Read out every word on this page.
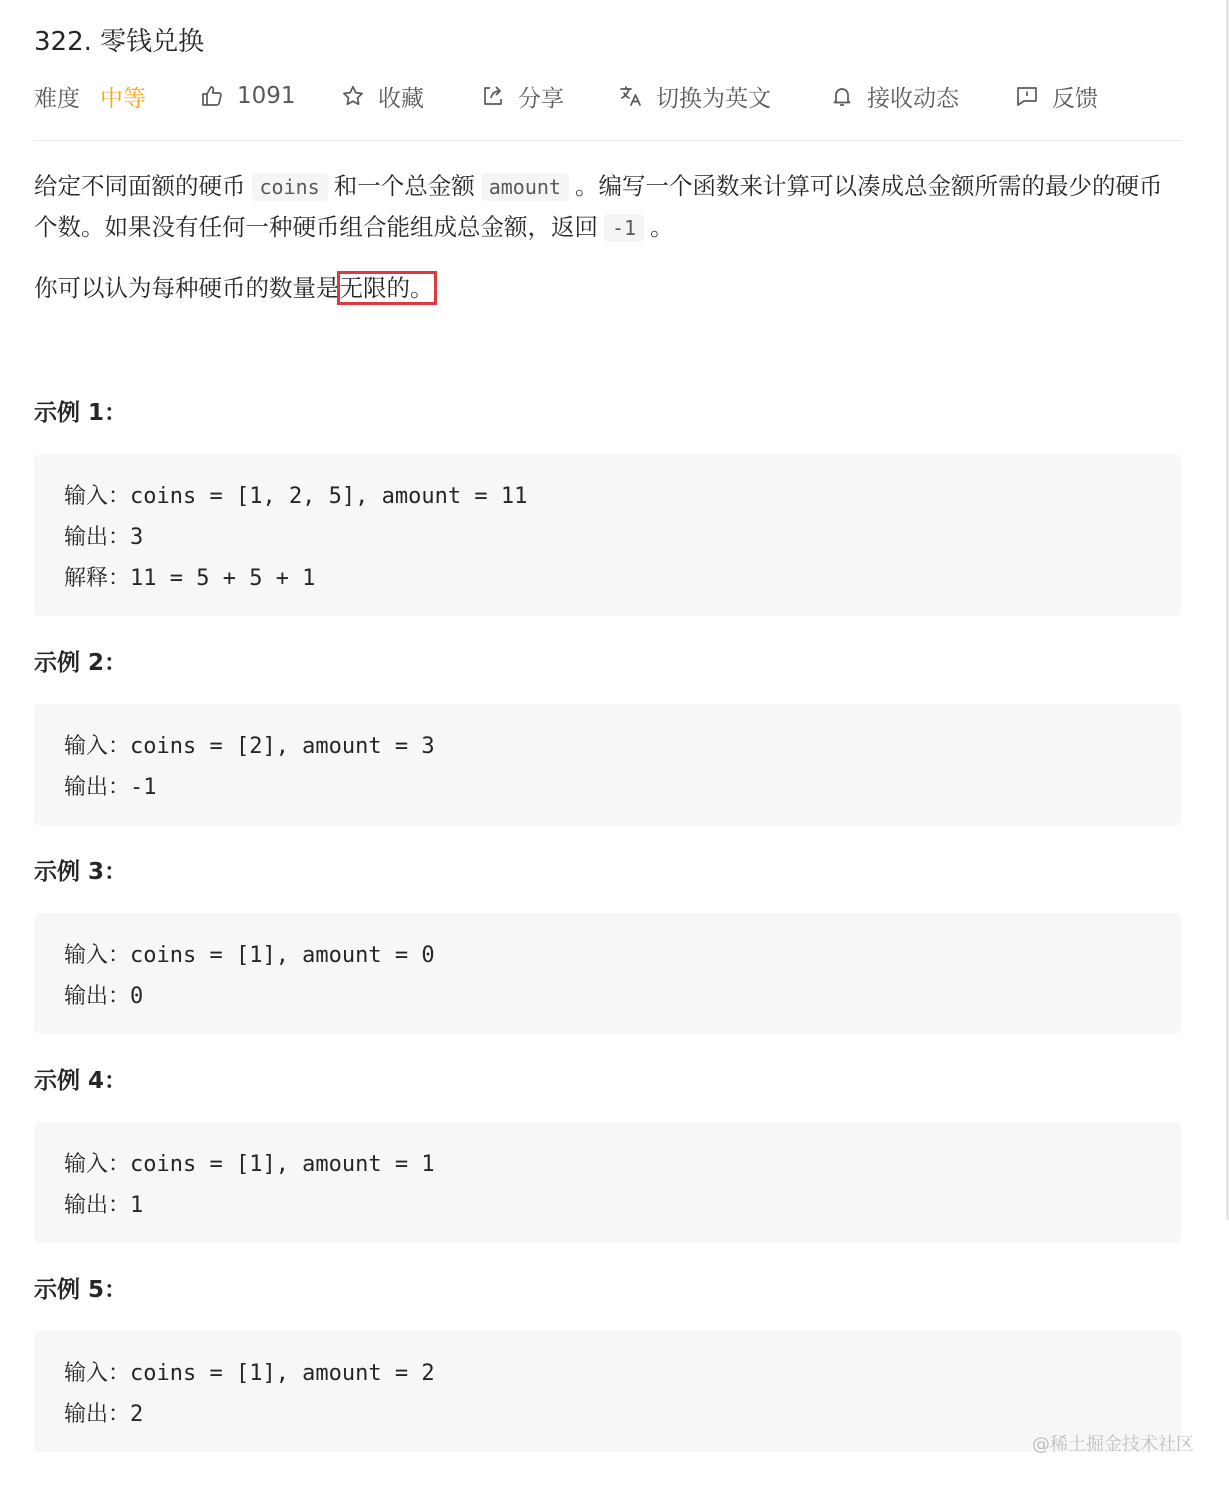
322. 零钱兑换
难度 中等	1091	收藏	分享	切换为英文	接收动态	反馈
给定不同面额的硬币 coins 和一个总金额 amount 。编写一个函数来计算可以凑成总金额所需的最少的硬币个数。如果没有任何一种硬币组合能组成总金额，返回 -1 。
你可以认为每种硬币的数量是无限的。
示例 1：
输入：coins = [1, 2, 5], amount = 11
输出：3
解释：11 = 5 + 5 + 1
示例 2：
输入：coins = [2], amount = 3
输出：-1
示例 3：
输入：coins = [1], amount = 0
输出：0
示例 4：
输入：coins = [1], amount = 1
输出：1
示例 5：
输入：coins = [1], amount = 2
输出：2
@稀土掘金技术社区
